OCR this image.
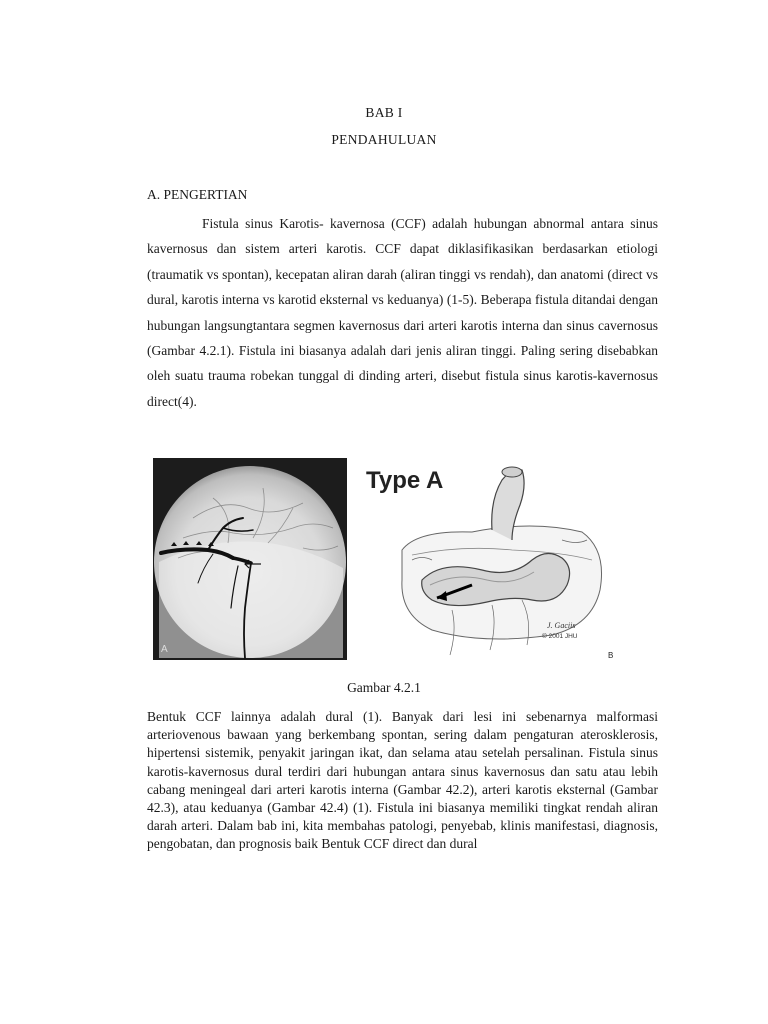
BAB I
PENDAHULUAN
A. PENGERTIAN

Fistula sinus Karotis- kavernosa (CCF) adalah hubungan abnormal antara sinus kavernosus dan sistem arteri karotis. CCF dapat diklasifikasikan berdasarkan etiologi (traumatik vs spontan), kecepatan aliran darah (aliran tinggi vs rendah), dan anatomi (direct vs dural, karotis interna vs karotid eksternal vs keduanya) (1-5). Beberapa fistula ditandai dengan hubungan langsungtantara segmen kavernosus dari arteri karotis interna dan sinus cavernosus (Gambar 4.2.1). Fistula ini biasanya adalah dari jenis aliran tinggi. Paling sering disebabkan oleh suatu trauma robekan tunggal di dinding arteri, disebut fistula sinus karotis-kavernosus direct(4).

A
Type A
J. Gaciis
© 2001 JHU
B
Gambar 4.2.1

Bentuk CCF lainnya adalah dural (1). Banyak dari lesi ini sebenarnya malformasi arteriovenous bawaan yang berkembang spontan, sering dalam pengaturan aterosklerosis, hipertensi sistemik, penyakit jaringan ikat, dan selama atau setelah persalinan. Fistula sinus karotis-kavernosus dural terdiri dari hubungan antara sinus kavernosus dan satu atau lebih cabang meningeal dari arteri karotis interna (Gambar 42.2), arteri karotis eksternal (Gambar 42.3), atau keduanya (Gambar 42.4) (1). Fistula ini biasanya memiliki tingkat rendah aliran darah arteri. Dalam bab ini, kita membahas patologi, penyebab, klinis manifestasi, diagnosis, pengobatan, dan prognosis baik Bentuk CCF direct dan dural
